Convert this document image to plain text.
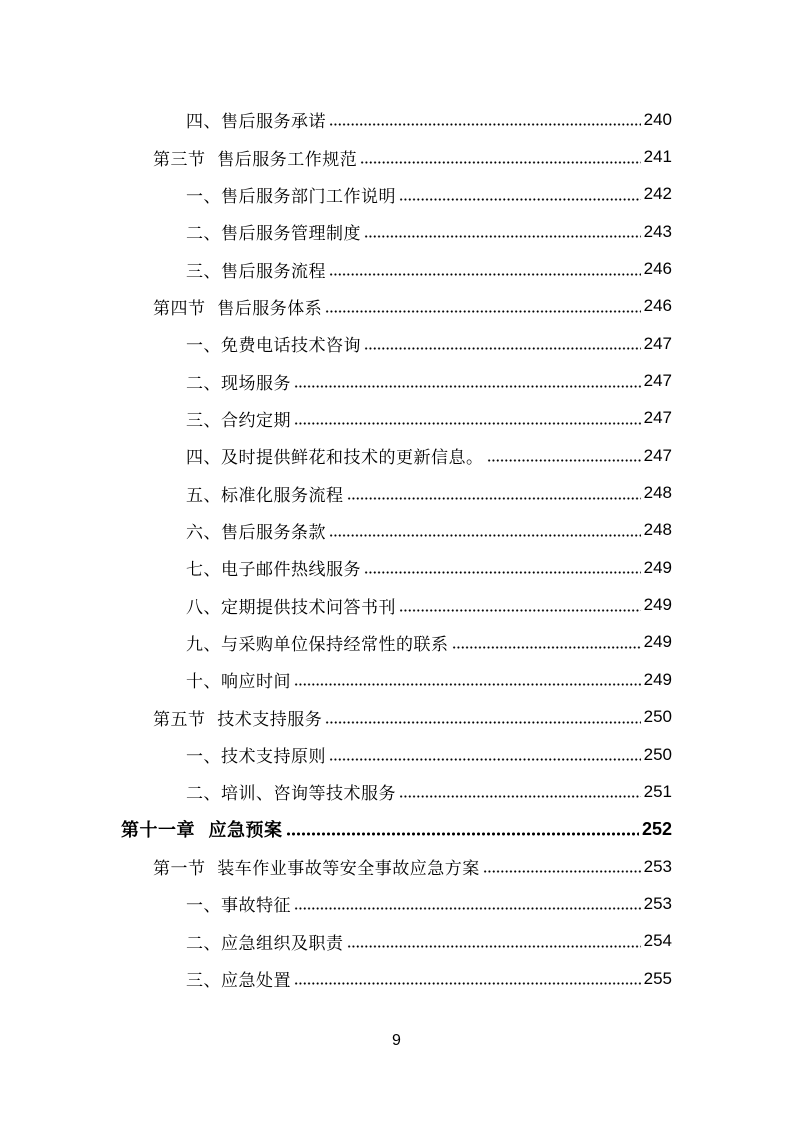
四、售后服务承诺	240
第三节  售后服务工作规范	241
一、售后服务部门工作说明	242
二、售后服务管理制度	243
三、售后服务流程	246
第四节  售后服务体系	246
一、免费电话技术咨询	247
二、现场服务	247
三、合约定期	247
四、及时提供鲜花和技术的更新信息。	247
五、标准化服务流程	248
六、售后服务条款	248
七、电子邮件热线服务	249
八、定期提供技术问答书刊	249
九、与采购单位保持经常性的联系	249
十、响应时间	249
第五节  技术支持服务	250
一、技术支持原则	250
二、培训、咨询等技术服务	251
第十一章  应急预案	252
第一节  装车作业事故等安全事故应急方案	253
一、事故特征	253
二、应急组织及职责	254
三、应急处置	255
9
